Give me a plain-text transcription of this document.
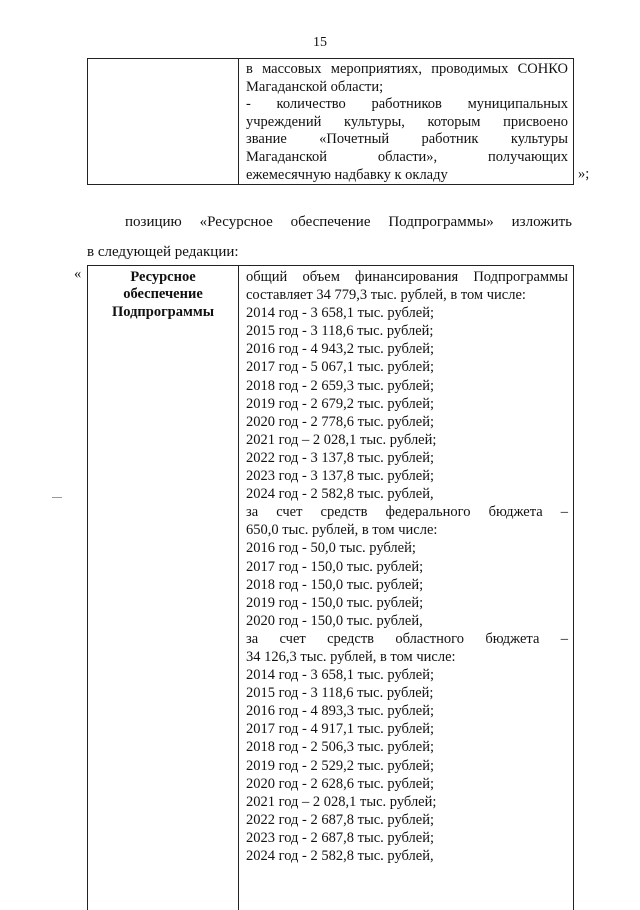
15
в массовых мероприятиях, проводимых СОНКО
Магаданской области;
- количество работников муниципальных
учреждений культуры, которым присвоено
звание «Почетный работник культуры
Магаданской области», получающих
ежемесячную надбавку к окладу	»;
позицию «Ресурсное обеспечение Подпрограммы» изложить
в следующей редакции:
«	Ресурсное
обеспечение
Подпрограммы
общий объем финансирования Подпрограммы
составляет 34 779,3 тыс. рублей, в том числе:
2014 год - 3 658,1 тыс. рублей;
2015 год - 3 118,6 тыс. рублей;
2016 год - 4 943,2 тыс. рублей;
2017 год - 5 067,1 тыс. рублей;
2018 год - 2 659,3 тыс. рублей;
2019 год - 2 679,2 тыс. рублей;
2020 год - 2 778,6 тыс. рублей;
2021 год – 2 028,1 тыс. рублей;
2022 год - 3 137,8 тыс. рублей;
2023 год - 3 137,8 тыс. рублей;
2024 год - 2 582,8 тыс. рублей,
за счет средств федерального бюджета –
650,0 тыс. рублей, в том числе:
2016 год - 50,0 тыс. рублей;
2017 год - 150,0 тыс. рублей;
2018 год - 150,0 тыс. рублей;
2019 год - 150,0 тыс. рублей;
2020 год - 150,0 тыс. рублей,
за счет средств областного бюджета –
34 126,3 тыс. рублей, в том числе:
2014 год - 3 658,1 тыс. рублей;
2015 год - 3 118,6 тыс. рублей;
2016 год - 4 893,3 тыс. рублей;
2017 год - 4 917,1 тыс. рублей;
2018 год - 2 506,3 тыс. рублей;
2019 год - 2 529,2 тыс. рублей;
2020 год - 2 628,6 тыс. рублей;
2021 год – 2 028,1 тыс. рублей;
2022 год - 2 687,8 тыс. рублей;
2023 год - 2 687,8 тыс. рублей;
2024 год - 2 582,8 тыс. рублей,
